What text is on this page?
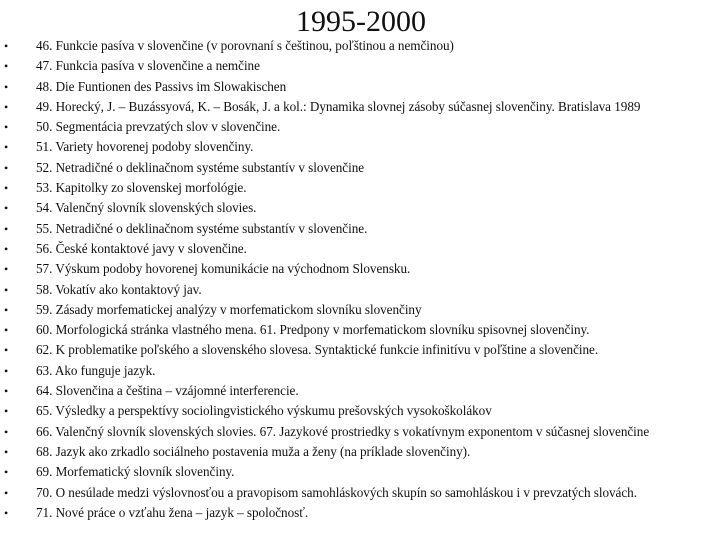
1995-2000
•	46. Funkcie pasíva v slovenčine (v porovnaní s češtinou, poľštinou a nemčinou)
•	47. Funkcia pasíva v slovenčine a nemčine
•	48. Die Funtionen des Passivs im Slowakischen
•	49. Horecký, J. – Buzássyová, K. – Bosák, J. a kol.: Dynamika slovnej zásoby súčasnej slovenčiny. Bratislava 1989
•	50. Segmentácia prevzatých slov v slovenčine.
•	51. Variety hovorenej podoby slovenčiny.
•	52. Netradičné o deklinačnom systéme substantív v slovenčine
•	53. Kapitolky zo slovenskej morfológie.
•	54. Valenčný slovník slovenských slovies.
•	55. Netradičné o deklinačnom systéme substantív v slovenčine.
•	56. České kontaktové javy v slovenčine.
•	57. Výskum podoby hovorenej komunikácie na východnom Slovensku.
•	58. Vokatív ako kontaktový jav.
•	59. Zásady morfematickej analýzy v morfematickom slovníku slovenčiny
•	60. Morfologická stránka vlastného mena. 61. Predpony v morfematickom slovníku spisovnej slovenčiny.
•	62. K problematike poľského a slovenského slovesa. Syntaktické funkcie infinitívu v poľštine a slovenčine.
•	63. Ako funguje jazyk.
•	64. Slovenčina a čeština – vzájomné interferencie.
•	65. Výsledky a perspektívy sociolingvistického výskumu prešovských vysokoškolákov
•	66. Valenčný slovník slovenských slovies. 67. Jazykové prostriedky s vokatívnym exponentom v súčasnej slovenčine
•	68. Jazyk ako zrkadlo sociálneho postavenia muža a ženy (na príklade slovenčiny).
•	69. Morfematický slovník slovenčiny.
•	70. O nesúlade medzi výslovnosťou a pravopisom samohláskových skupín so samohláskou i v prevzatých slovách.
•	71. Nové práce o vzťahu žena – jazyk – spoločnosť.
